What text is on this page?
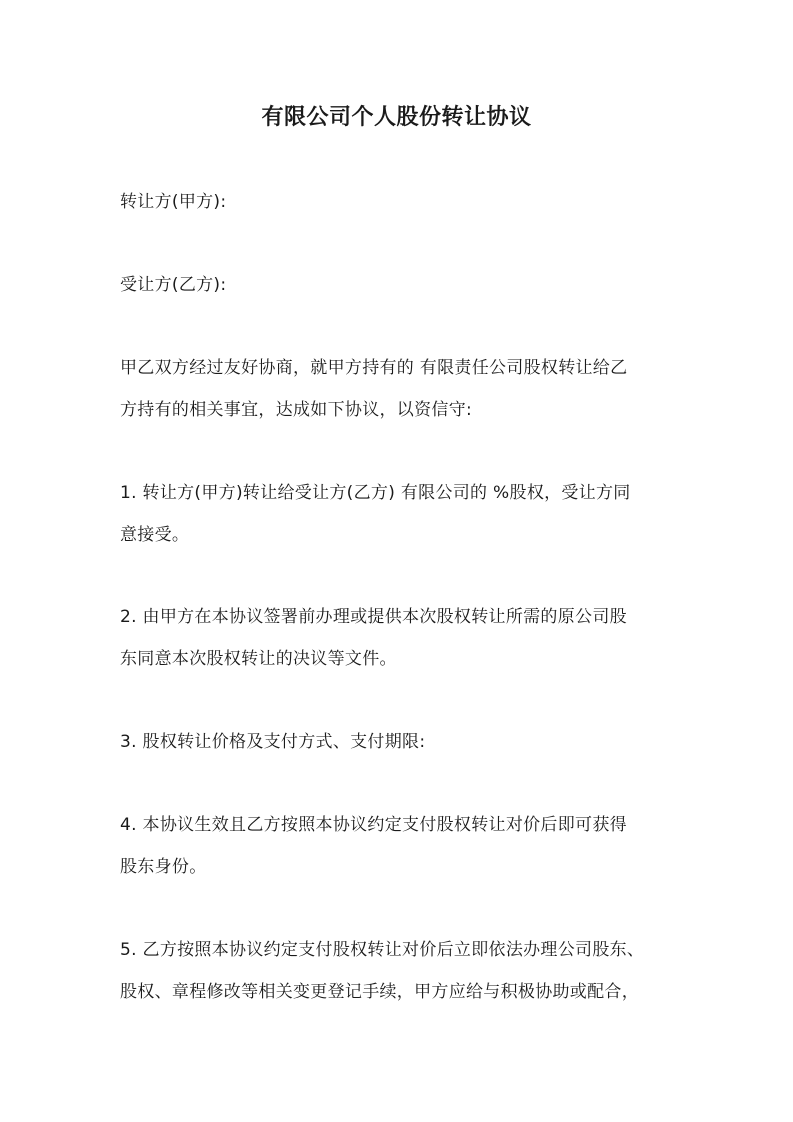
有限公司个人股份转让协议
转让方(甲方):
受让方(乙方):
甲乙双方经过友好协商，就甲方持有的 有限责任公司股权转让给乙
方持有的相关事宜，达成如下协议，以资信守:
1. 转让方(甲方)转让给受让方(乙方) 有限公司的 %股权，受让方同
意接受。
2. 由甲方在本协议签署前办理或提供本次股权转让所需的原公司股
东同意本次股权转让的决议等文件。
3. 股权转让价格及支付方式、支付期限:
4. 本协议生效且乙方按照本协议约定支付股权转让对价后即可获得
股东身份。
5. 乙方按照本协议约定支付股权转让对价后立即依法办理公司股东、
股权、章程修改等相关变更登记手续，甲方应给与积极协助或配合，
